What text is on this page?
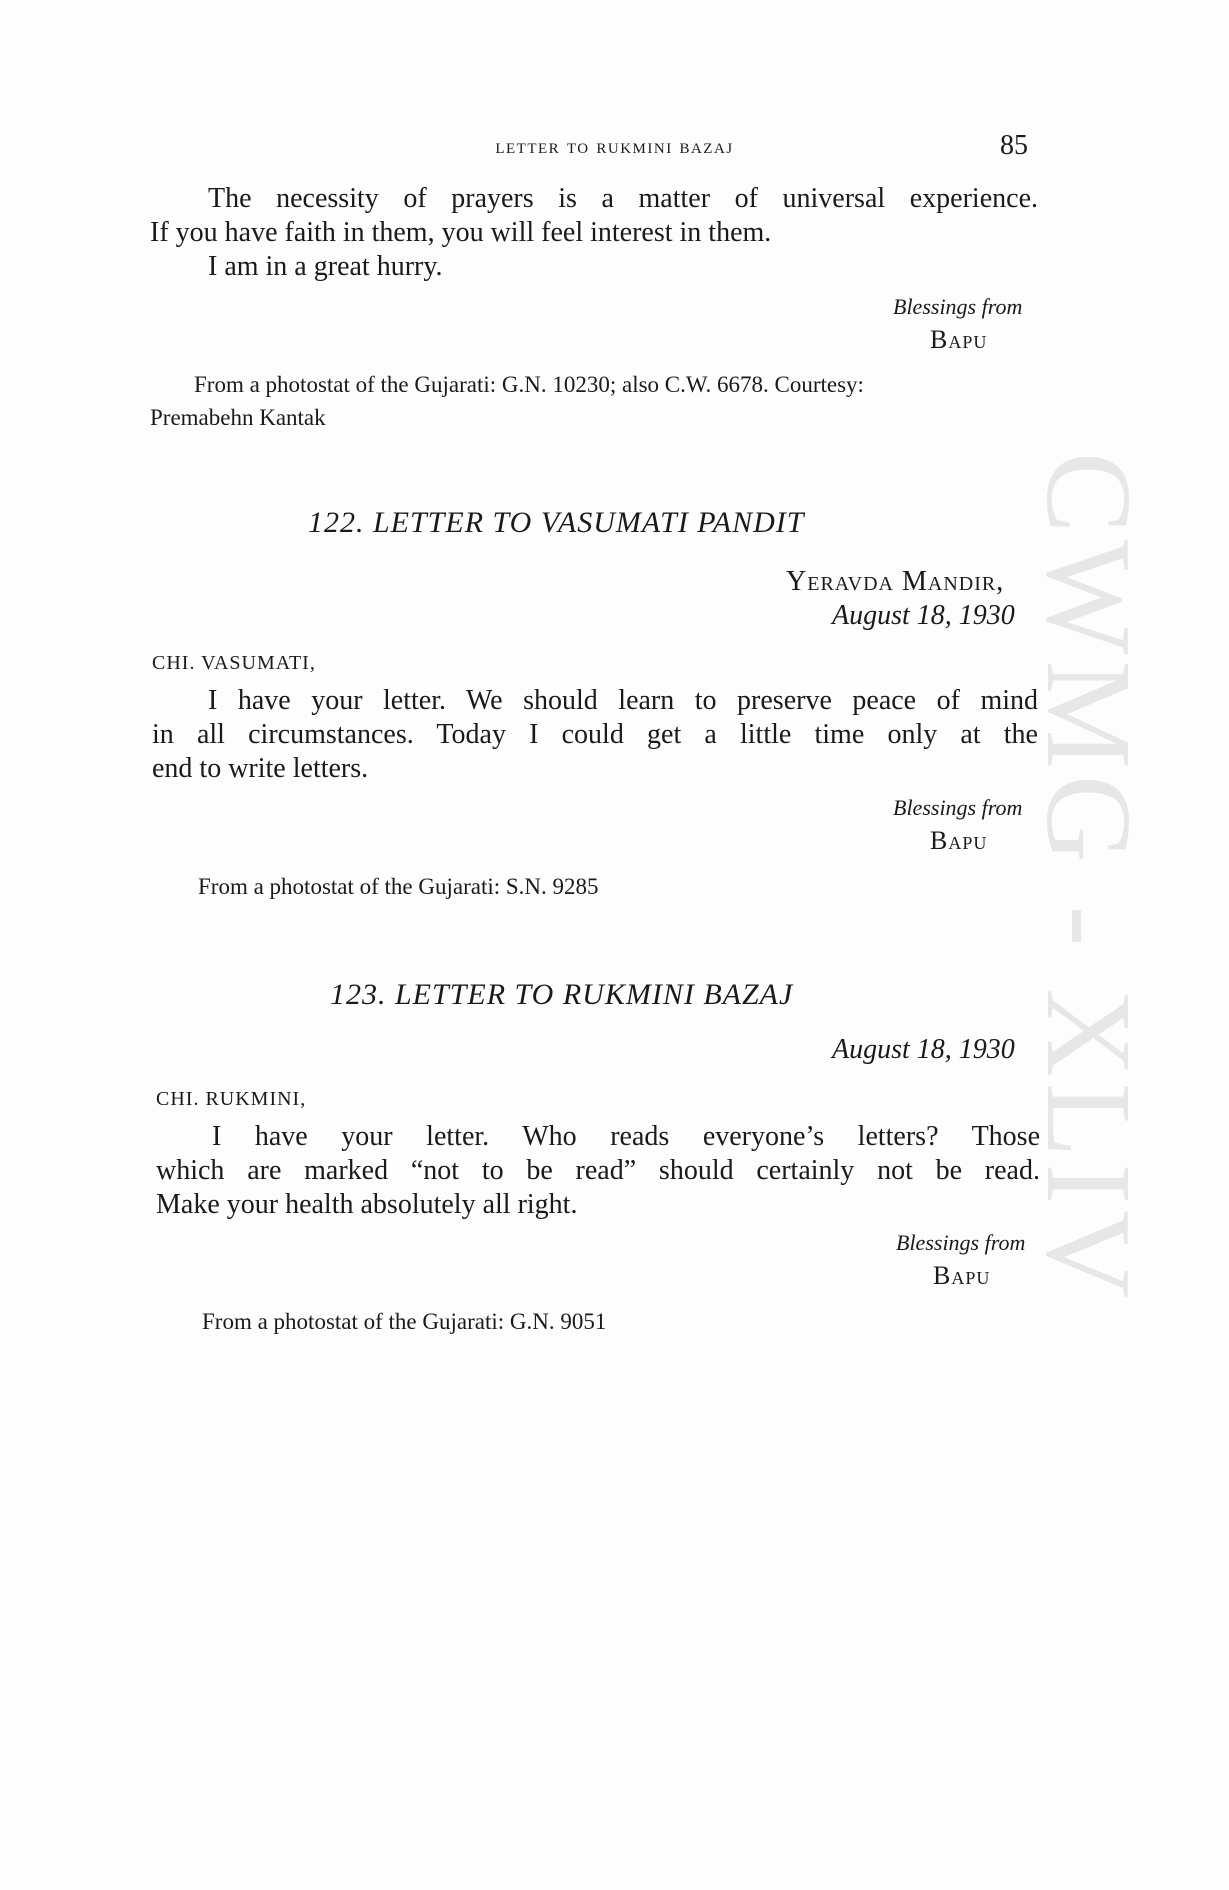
CWMG - XLIV
letter to rukmini bazaj	85
The necessity of prayers is a matter of universal experience.
If you have faith in them, you will feel interest in them.
I am in a great hurry.
Blessings from
Bapu
From a photostat of the Gujarati: G.N. 10230; also C.W. 6678. Courtesy:
Premabehn Kantak
122. LETTER TO VASUMATI PANDIT
Yeravda Mandir,
August 18, 1930
CHI. VASUMATI,
I have your letter. We should learn to preserve peace of mind
in all circumstances. Today I could get a little time only at the
end to write letters.
Blessings from
Bapu
From a photostat of the Gujarati: S.N. 9285
123. LETTER TO RUKMINI BAZAJ
August 18, 1930
CHI. RUKMINI,
I have your letter. Who reads everyone’s letters? Those
which are marked “not to be read” should certainly not be read.
Make your health absolutely all right.
Blessings from
Bapu
From a photostat of the Gujarati: G.N. 9051
